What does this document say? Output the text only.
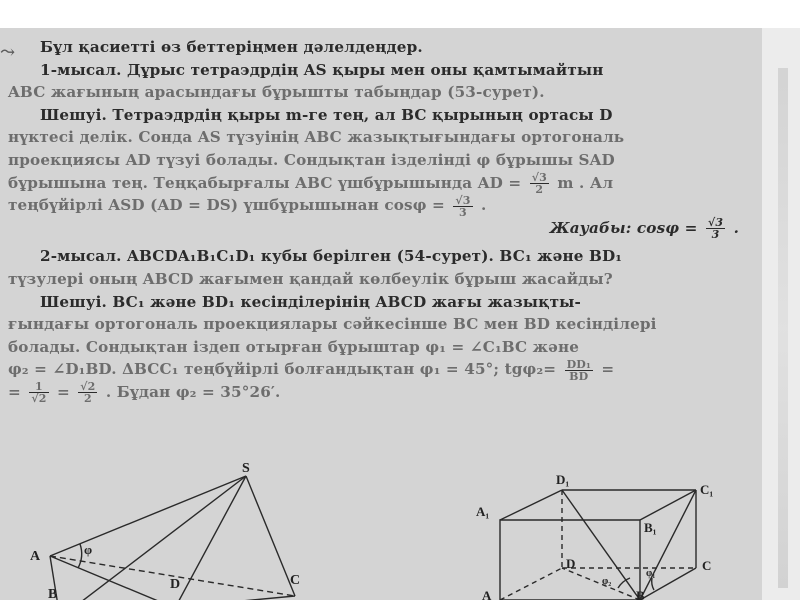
⤳	Бұл қасиетті өз беттеріңмен дәлелдеңдер.
1-мысал. Дұрыс тетраэдрдің AS қыры мен оны қамтымайтын
ABC жағының арасындағы бұрышты табыңдар (53-сурет).
Шешуі. Тетраэдрдің қыры m-ге тең, ал BC қырының ортасы D
нүктесі делік. Сонда AS түзуінің ABC жазықтығындағы ортогональ
проекциясы AD түзуі болады. Сондықтан ізделінді φ бұрышы SAD
бұрышына тең. Теңқабырғалы ABC үшбұрышында AD = $\frac{√3}{2}$ m . Ал
теңбүйірлі ASD (AD = DS) үшбұрышынан $\cos\varphi = \frac{√3}{3}$ .
Жауабы: $\cos\varphi = \frac{√3}{3}$ .
2-мысал. ABCDA₁B₁C₁D₁ кубы берілген (54-сурет). BC₁ және BD₁
түзулері оның ABCD жағымен қандай көлбеулік бұрыш жасайды?
Шешуі. BC₁ және BD₁ кесінділерінің ABCD жағы жазықты-
ғындағы ортогональ проекциялары сәйкесінше BC мен BD кесінділері
болады. Сондықтан іздеп отырған бұрыштар φ₁ = ∠C₁BC және
φ₂ = ∠D₁BD. ΔBCC₁ теңбүйірлі болғандықтан φ₁ = 45°; $tg\varphi_2= \frac{\text{DD₁}}{BD}$ =
= $\frac{1}{√2} = \frac{√2}{2}$ . Бұдан φ₂ = 35°26′.
S
A
B
C
D
φ
A₁
B₁
C₁
D₁
A	B
C
D
φ₂
φ₁
